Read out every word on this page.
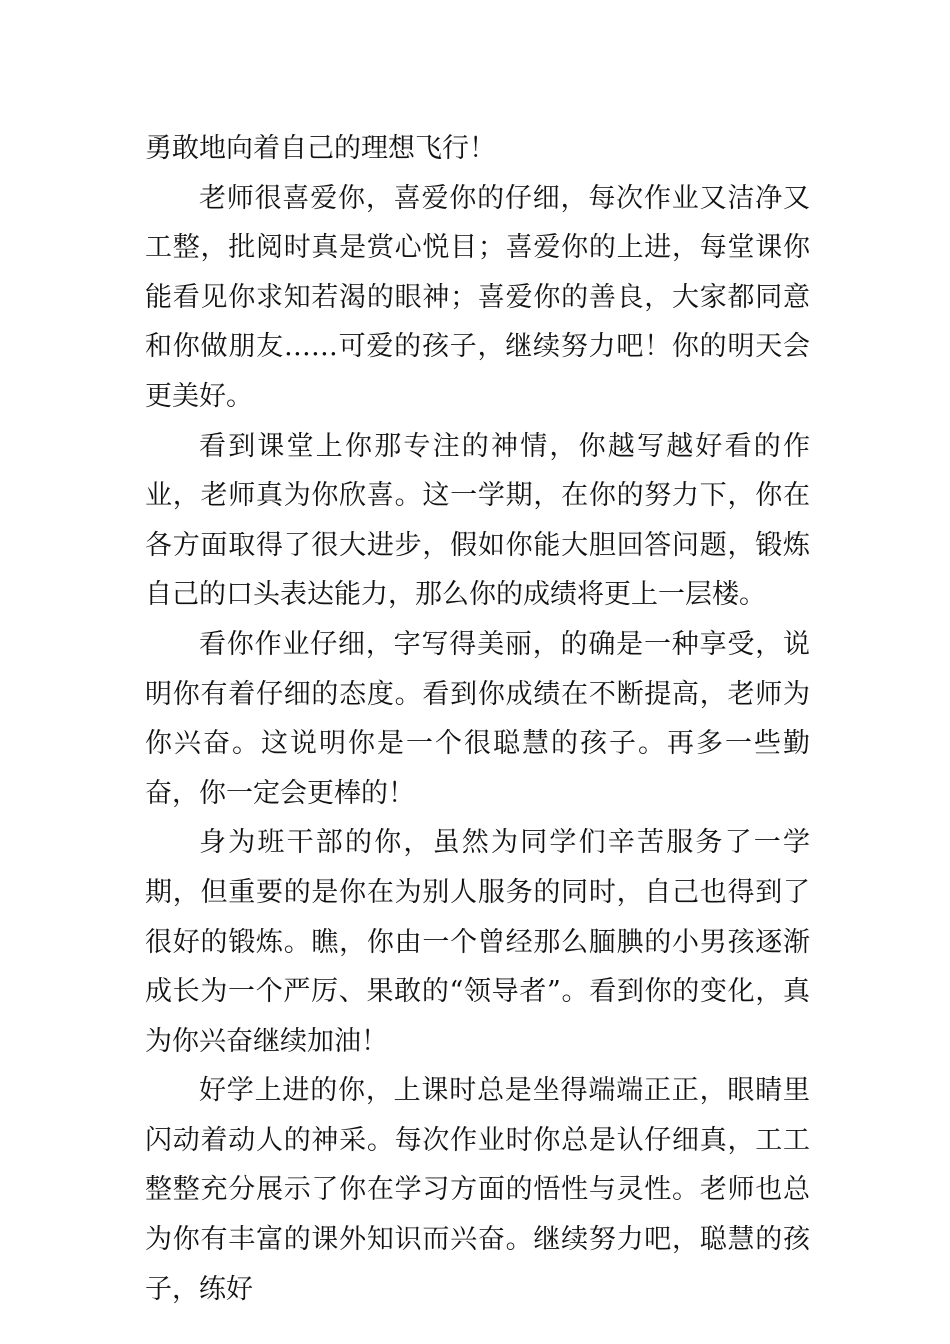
勇敢地向着自己的理想飞行！

老师很喜爱你，喜爱你的仔细，每次作业又洁净又工整，批阅时真是赏心悦目；喜爱你的上进，每堂课你能看见你求知若渴的眼神；喜爱你的善良，大家都同意和你做朋友……可爱的孩子，继续努力吧！你的明天会更美好。

看到课堂上你那专注的神情，你越写越好看的作业，老师真为你欣喜。这一学期，在你的努力下，你在各方面取得了很大进步，假如你能大胆回答问题，锻炼自己的口头表达能力，那么你的成绩将更上一层楼。

看你作业仔细，字写得美丽，的确是一种享受，说明你有着仔细的态度。看到你成绩在不断提高，老师为你兴奋。这说明你是一个很聪慧的孩子。再多一些勤奋，你一定会更棒的！

身为班干部的你，虽然为同学们辛苦服务了一学期，但重要的是你在为别人服务的同时，自己也得到了很好的锻炼。瞧，你由一个曾经那么腼腆的小男孩逐渐成长为一个严厉、果敢的“领导者”。看到你的变化，真为你兴奋继续加油！

好学上进的你，上课时总是坐得端端正正，眼睛里闪动着动人的神采。每次作业时你总是认仔细真，工工整整充分展示了你在学习方面的悟性与灵性。老师也总为你有丰富的课外知识而兴奋。继续努力吧，聪慧的孩子，练好
